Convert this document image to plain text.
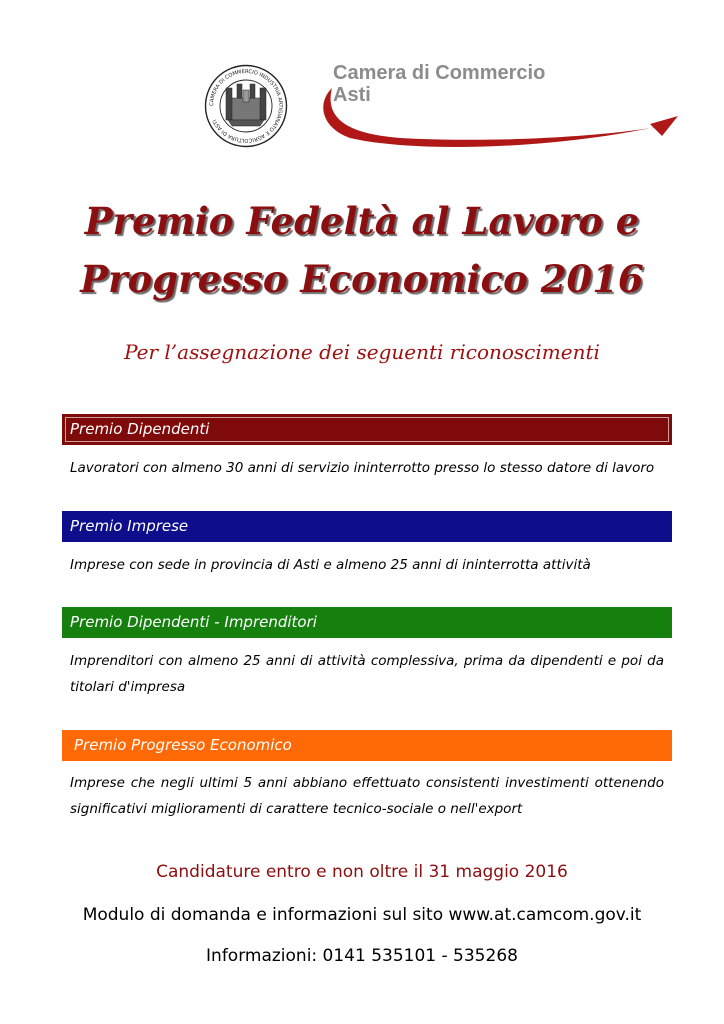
CAMERA DI COMMERCIO INDUSTRIA ARTIGIANATO E AGRICOLTURA DI ASTI
Camera di Commercio
Asti
Premio Fedeltà al Lavoro e
Progresso Economico 2016
Per l’assegnazione dei seguenti riconoscimenti
Premio Dipendenti
Lavoratori con almeno 30 anni di servizio ininterrotto presso lo stesso datore di lavoro
Premio Imprese
Imprese con sede in provincia di Asti e almeno 25 anni di ininterrotta attività
Premio Dipendenti - Imprenditori
Imprenditori con almeno 25 anni di attività complessiva, prima da dipendenti e poi da titolari d'impresa
Premio Progresso Economico
Imprese che negli ultimi 5 anni abbiano effettuato consistenti investimenti ottenendo significativi miglioramenti di carattere tecnico-sociale o nell'export
Candidature entro e non oltre il 31 maggio 2016
Modulo di domanda e informazioni sul sito www.at.camcom.gov.it
Informazioni: 0141 535101 - 535268
